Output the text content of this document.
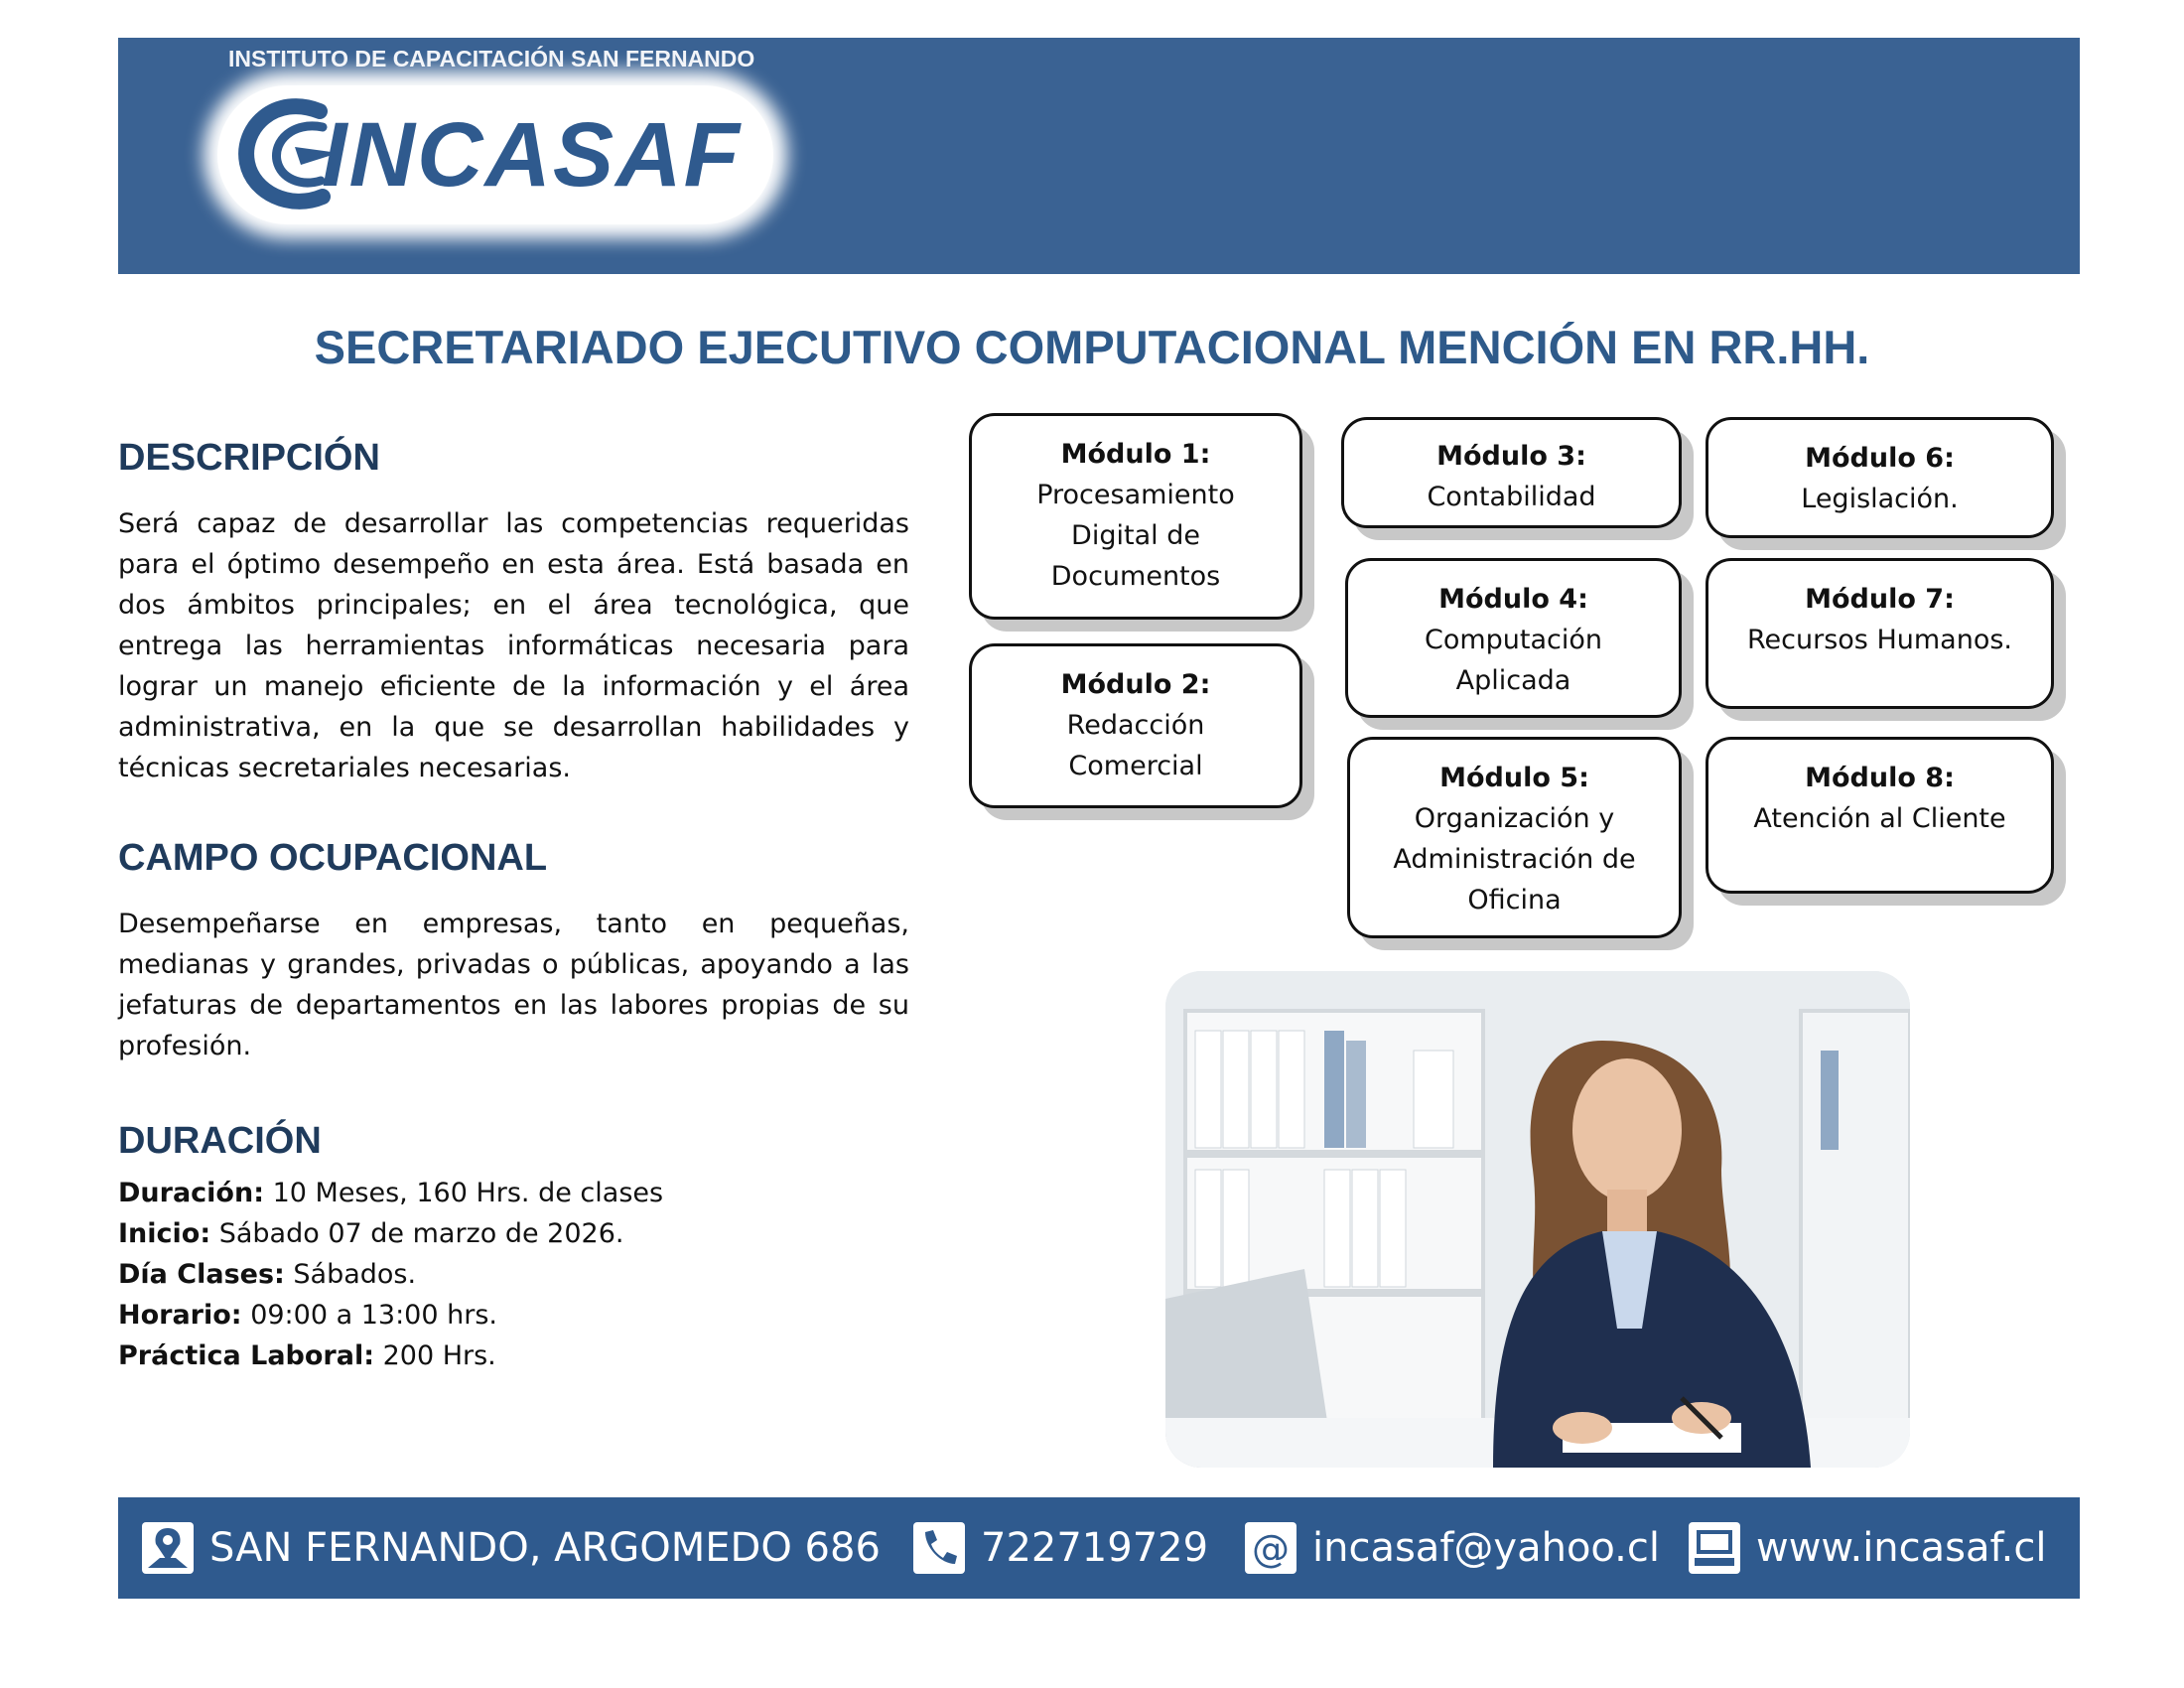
INSTITUTO DE CAPACITACIÓN SAN FERNANDO
INCASAF
SECRETARIADO EJECUTIVO COMPUTACIONAL MENCIÓN EN RR.HH.
DESCRIPCIÓN

Será capaz de desarrollar las competencias requeridas para el óptimo desempeño en esta área. Está basada en dos ámbitos principales; en el área tecnológica, que entrega las herramientas informáticas necesaria para lograr un manejo eficiente de la información y el área administrativa, en la que se desarrollan habilidades y técnicas secretariales necesarias.

CAMPO OCUPACIONAL

Desempeñarse en empresas, tanto en pequeñas, medianas y grandes, privadas o públicas, apoyando a las jefaturas de departamentos en las labores propias de su profesión.

DURACIÓN
Duración: 10 Meses, 160 Hrs. de clases
Inicio: Sábado 07 de marzo de 2026.
Día Clases: Sábados.
Horario: 09:00 a 13:00 hrs.
Práctica Laboral: 200 Hrs.
Módulo 1:
Procesamiento
Digital de
Documentos
Módulo 2:
Redacción
Comercial
Módulo 3:
Contabilidad
Módulo 4:
Computación
Aplicada
Módulo 5:
Organización y
Administración de
Oficina
Módulo 6:
Legislación.
Módulo 7:
Recursos Humanos.
Módulo 8:
Atención al Cliente
SAN FERNANDO, ARGOMEDO 686	722719729 @ incasaf@yahoo.cl www.incasaf.cl
